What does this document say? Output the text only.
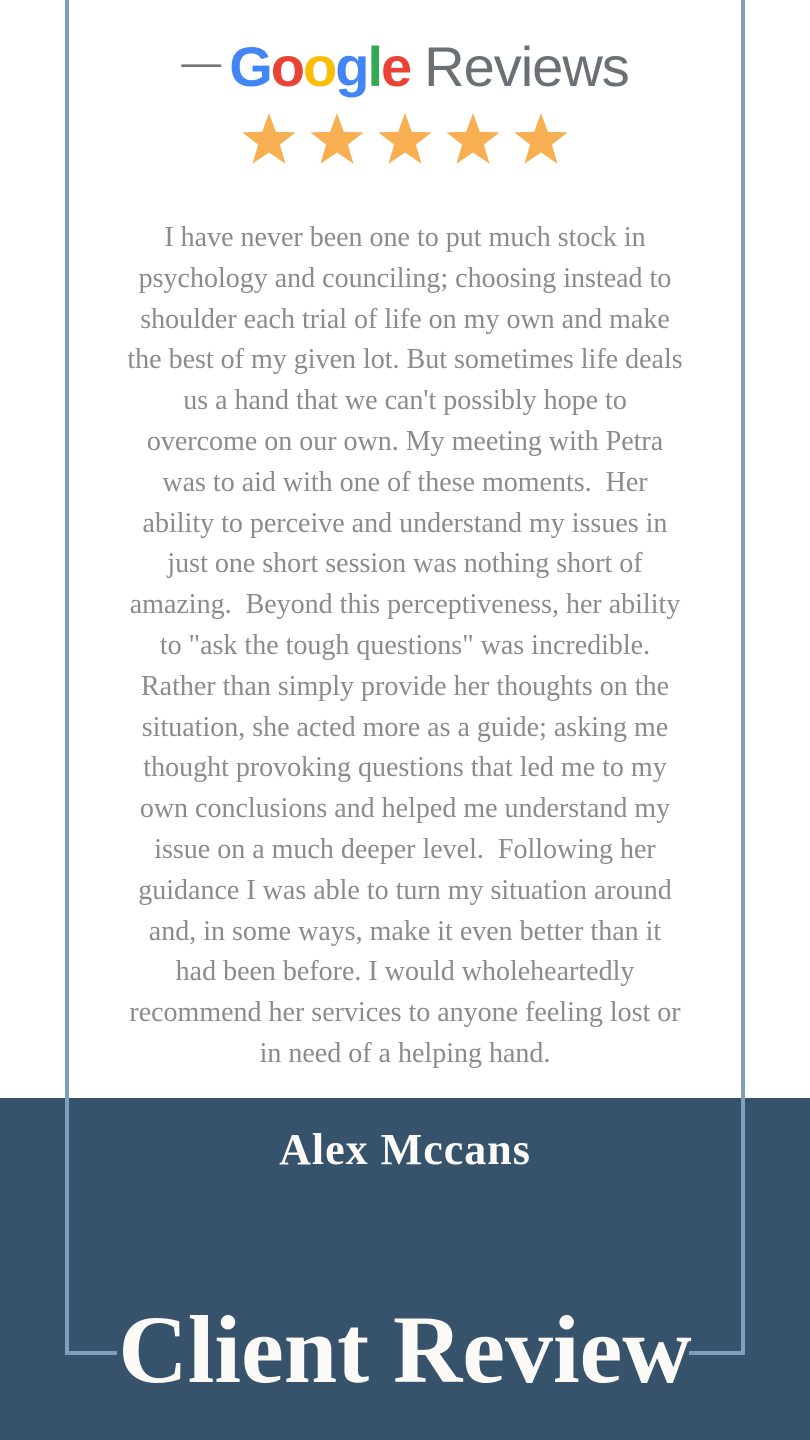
— Google Reviews
I have never been one to put much stock in
psychology and counciling; choosing instead to
shoulder each trial of life on my own and make
the best of my given lot. But sometimes life deals
us a hand that we can't possibly hope to
overcome on our own. My meeting with Petra
was to aid with one of these moments.  Her
ability to perceive and understand my issues in
just one short session was nothing short of
amazing.  Beyond this perceptiveness, her ability
to "ask the tough questions" was incredible.
Rather than simply provide her thoughts on the
situation, she acted more as a guide; asking me
thought provoking questions that led me to my
own conclusions and helped me understand my
issue on a much deeper level.  Following her
guidance I was able to turn my situation around
and, in some ways, make it even better than it
had been before. I would wholeheartedly
recommend her services to anyone feeling lost or
in need of a helping hand.
Alex Mccans
Client Review
